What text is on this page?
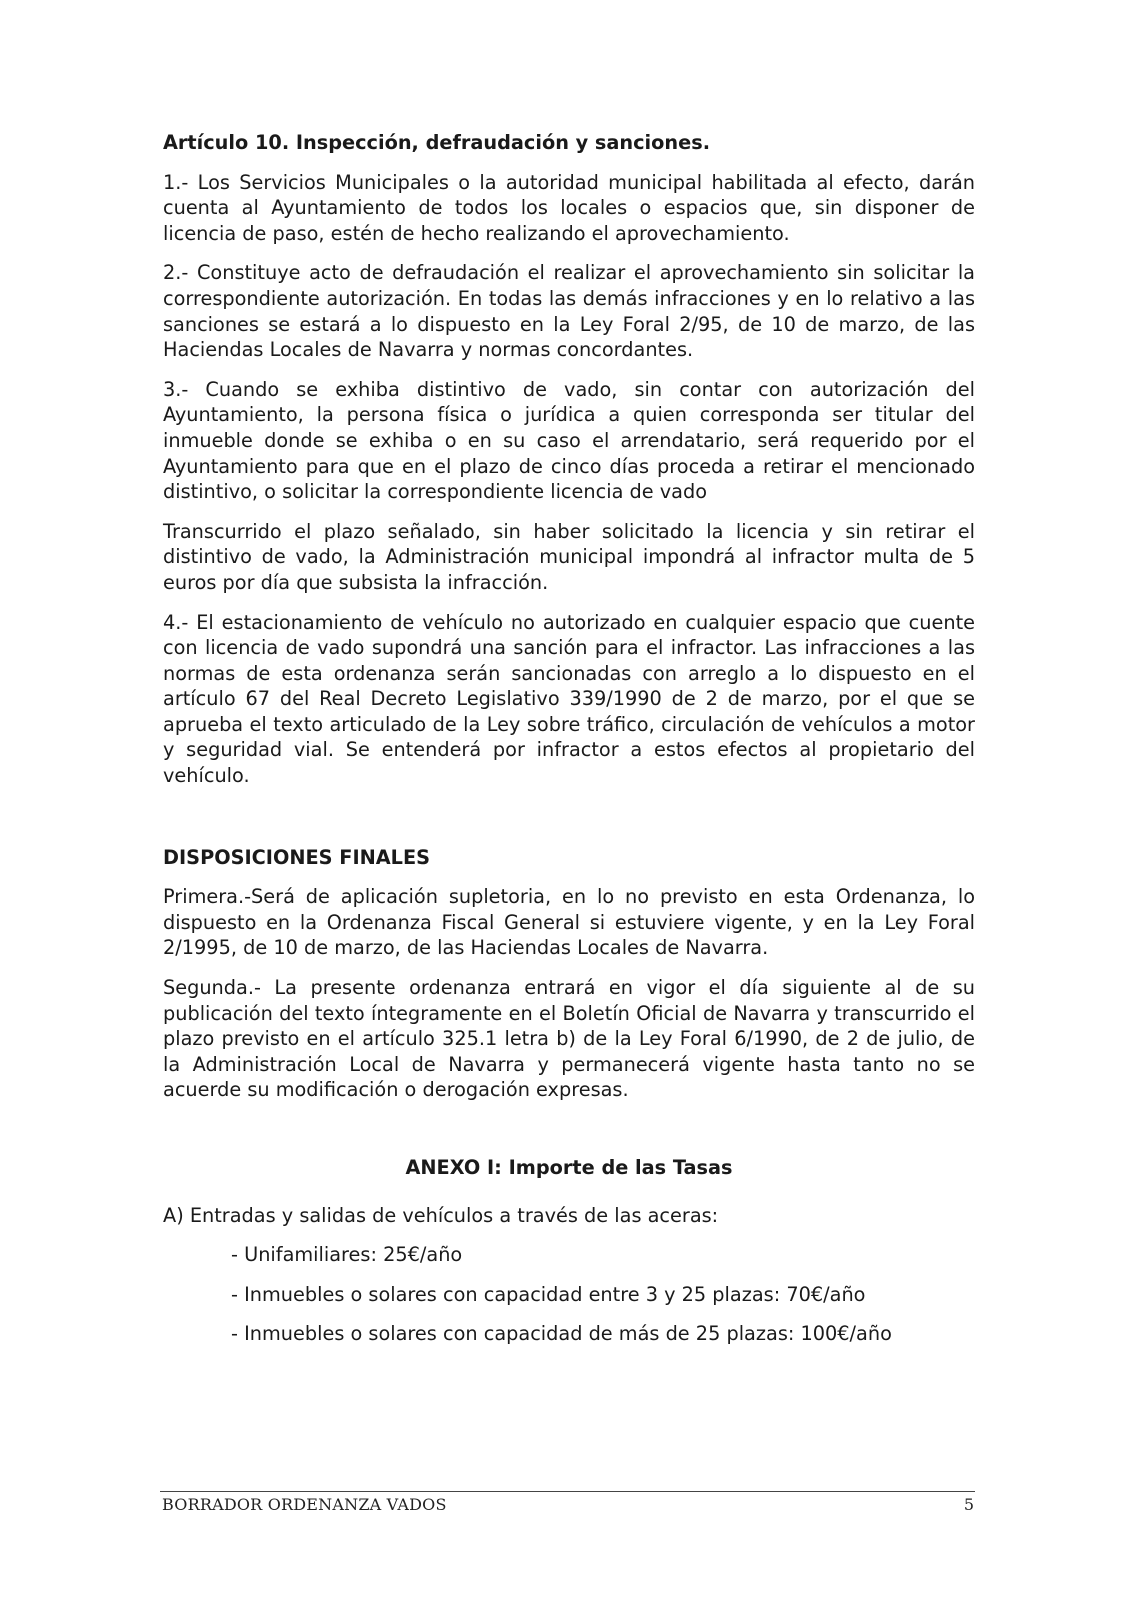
Artículo 10. Inspección, defraudación y sanciones.

1.- Los Servicios Municipales o la autoridad municipal habilitada al efecto, darán cuenta al Ayuntamiento de todos los locales o espacios que, sin disponer de licencia de paso, estén de hecho realizando el aprovechamiento.

2.- Constituye acto de defraudación el realizar el aprovechamiento sin solicitar la correspondiente autorización. En todas las demás infracciones y en lo relativo a las sanciones se estará a lo dispuesto en la Ley Foral 2/95, de 10 de marzo, de las Haciendas Locales de Navarra y normas concordantes.

3.- Cuando se exhiba distintivo de vado, sin contar con autorización del Ayuntamiento, la persona física o jurídica a quien corresponda ser titular del inmueble donde se exhiba o en su caso el arrendatario, será requerido por el Ayuntamiento para que en el plazo de cinco días proceda a retirar el mencionado distintivo, o solicitar la correspondiente licencia de vado

Transcurrido el plazo señalado, sin haber solicitado la licencia y sin retirar el distintivo de vado, la Administración municipal impondrá al infractor multa de 5 euros por día que subsista la infracción.

4.- El estacionamiento de vehículo no autorizado en cualquier espacio que cuente con licencia de vado supondrá una sanción para el infractor. Las infracciones a las normas de esta ordenanza serán sancionadas con arreglo a lo dispuesto en el artículo 67 del Real Decreto Legislativo 339/1990 de 2 de marzo, por el que se aprueba el texto articulado de la Ley sobre tráfico, circulación de vehículos a motor y seguridad vial. Se entenderá por infractor a estos efectos al propietario del vehículo.

DISPOSICIONES FINALES

Primera.-Será de aplicación supletoria, en lo no previsto en esta Ordenanza, lo dispuesto en la Ordenanza Fiscal General si estuviere vigente, y en la Ley Foral 2/1995, de 10 de marzo, de las Haciendas Locales de Navarra.

Segunda.- La presente ordenanza entrará en vigor el día siguiente al de su publicación del texto íntegramente en el Boletín Oficial de Navarra y transcurrido el plazo previsto en el artículo 325.1 letra b) de la Ley Foral 6/1990, de 2 de julio, de la Administración Local de Navarra y permanecerá vigente hasta tanto no se acuerde su modificación o derogación expresas.

ANEXO I: Importe de las Tasas

A) Entradas y salidas de vehículos a través de las aceras:

- Unifamiliares: 25€/año
- Inmuebles o solares con capacidad entre 3 y 25 plazas: 70€/año
- Inmuebles o solares con capacidad de más de 25 plazas: 100€/año
BORRADOR ORDENANZA VADOS	5
